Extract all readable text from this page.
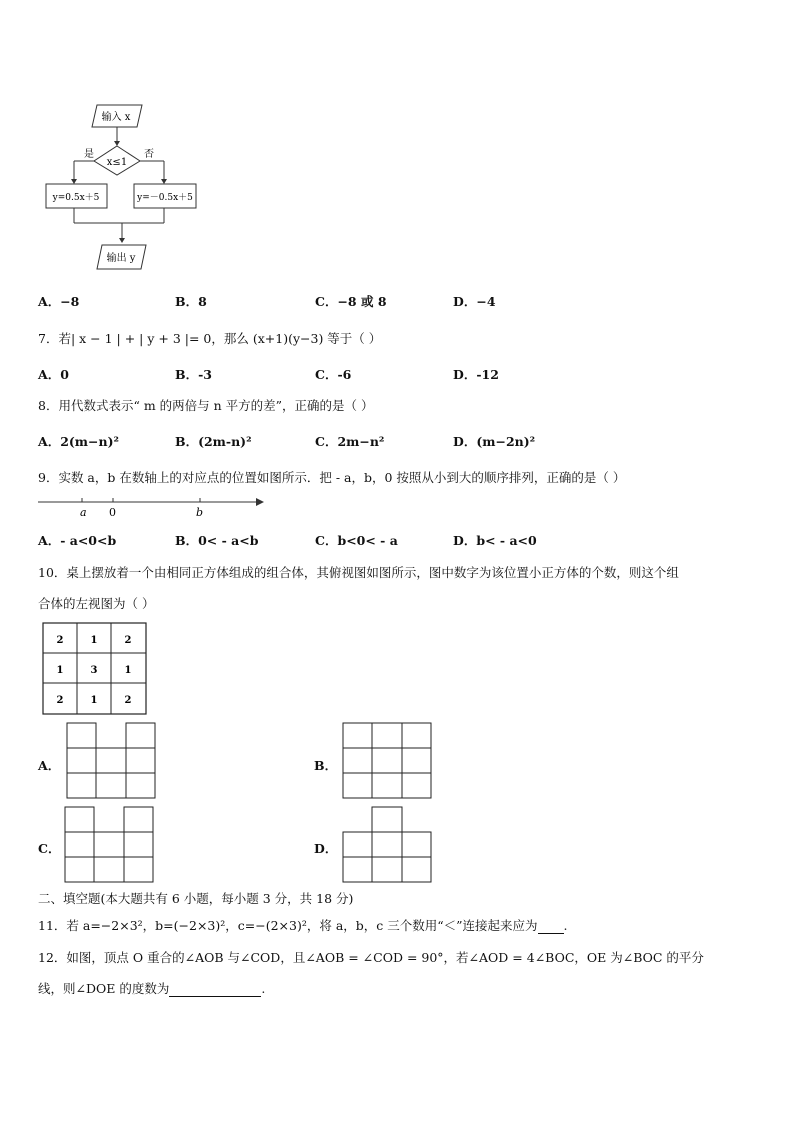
输入 x
x≤1
是	否
y=0.5x＋5	y=－0.5x＋5
输出 y
A．−8	B．8	C．−8 或 8	D．−4
7．若| x − 1 | + | y + 3 |= 0，那么 (x+1)(y−3) 等于（ ）
A．0	B．-3	C．-6	D．-12
8．用代数式表示“ m 的两倍与 n 平方的差”，正确的是（ ）
A．2(m−n)²	B．(2m-n)²	C．2m−n²	D．(m−2n)²
9．实数 a，b 在数轴上的对应点的位置如图所示．把 - a，b，0 按照从小到大的顺序排列，正确的是（ ）
a 0	b
A．- a<0<b	B．0< - a<b	C．b<0< - a	D．b< - a<0
10．桌上摆放着一个由相同正方体组成的组合体，其俯视图如图所示，图中数字为该位置小正方体的个数，则这个组
合体的左视图为（ ）
2	1	2
1	3	1
2	1	2
A．	B．
C．	D．
二、填空题(本大题共有 6 小题，每小题 3 分，共 18 分)
11．若 a=−2×3²，b=(−2×3)²，c=−(2×3)²，将 a，b，c 三个数用“＜”连接起来应为 .
12．如图，顶点 O 重合的∠AOB 与∠COD，且∠AOB = ∠COD = 90°，若∠AOD = 4∠BOC，OE 为∠BOC 的平分
线，则∠DOE 的度数为	.
